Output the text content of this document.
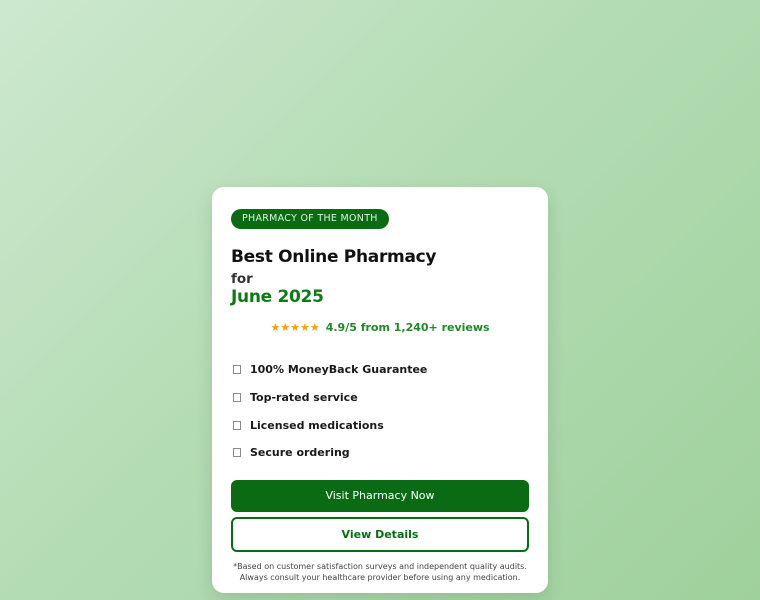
PHARMACY OF THE MONTH
Best Online Pharmacy
for
June 2025
★★★★★ 4.9/5 from 1,240+ reviews
100% MoneyBack Guarantee
Top-rated service
Licensed medications
Secure ordering
Visit Pharmacy Now
View Details
*Based on customer satisfaction surveys and independent quality audits.
Always consult your healthcare provider before using any medication.
